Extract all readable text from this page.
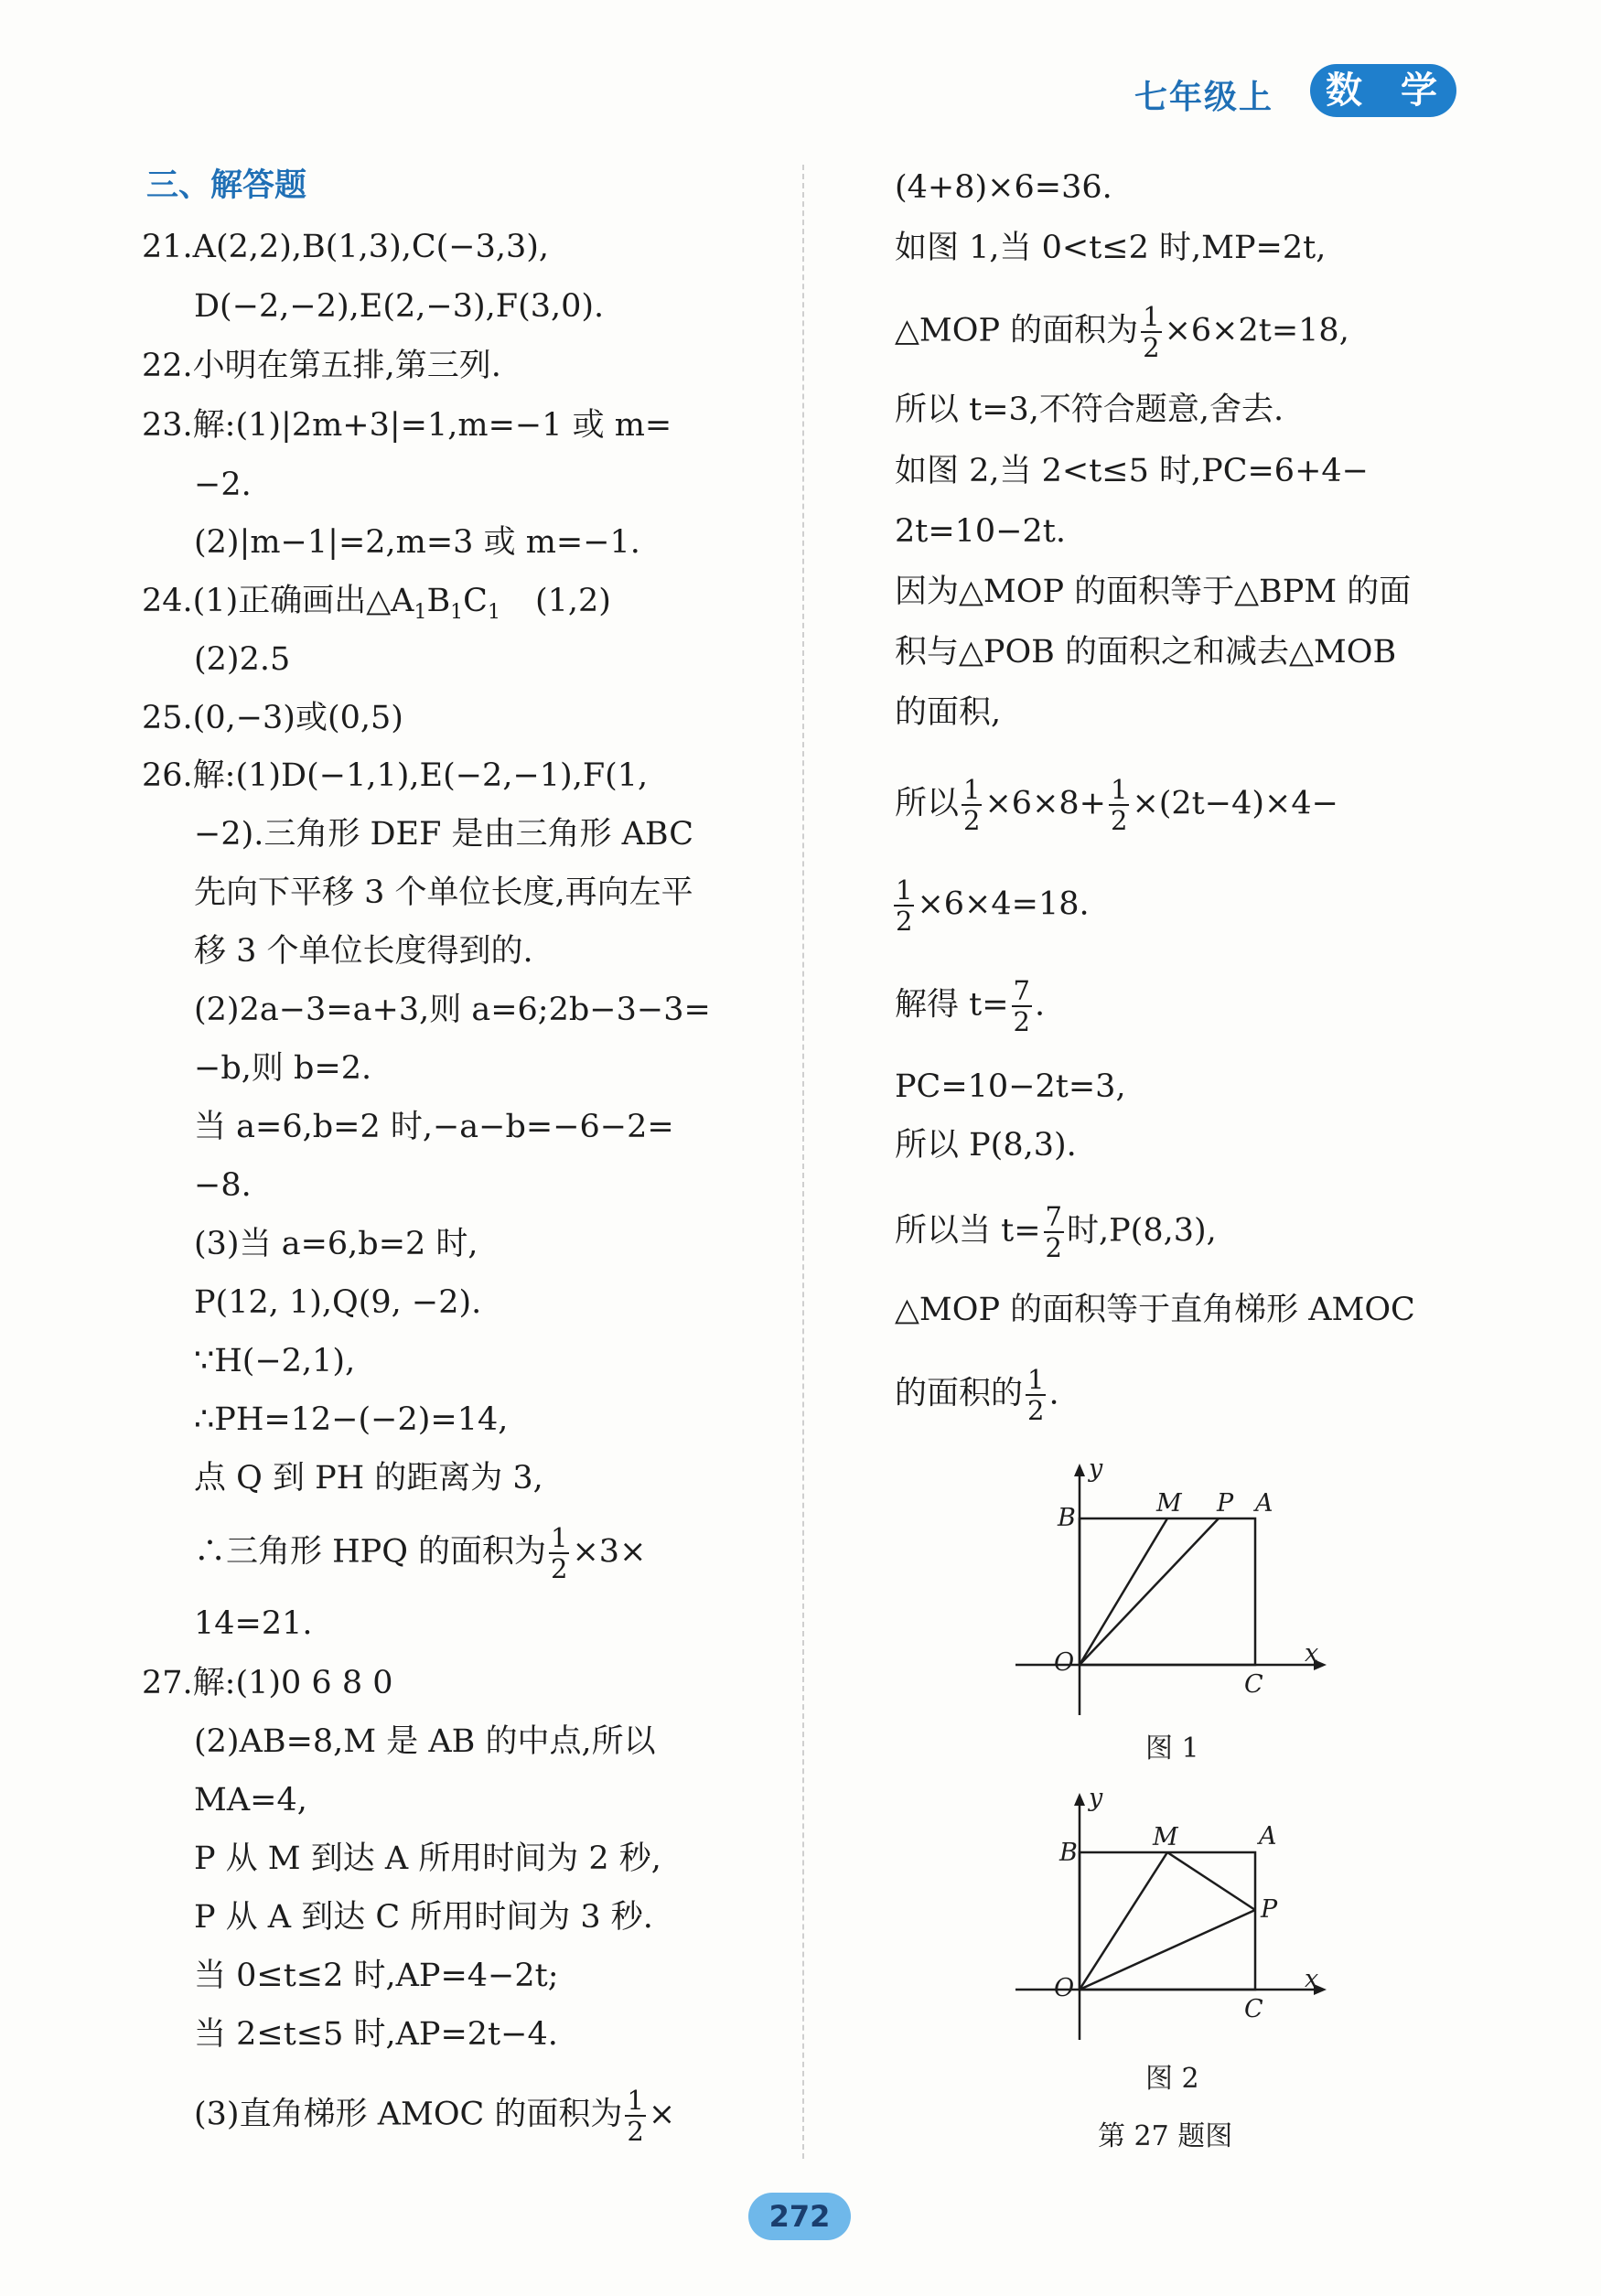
七年级上	数 学
三、解答题
21.A(2,2),B(1,3),C(−3,3),
D(−2,−2),E(2,−3),F(3,0).
22.小明在第五排,第三列.
23.解:(1)|2m+3|=1,m=−1 或 m=
−2.
(2)|m−1|=2,m=3 或 m=−1.
24.(1)正确画出$\triangle A_1B_1C_1$ (1,2)
(2)2.5
25.(0,−3)或(0,5)
26.解:(1)D(−1,1),E(−2,−1),F(1,
−2).三角形 DEF 是由三角形 ABC
先向下平移 3 个单位长度,再向左平
移 3 个单位长度得到的.
(2)2a−3=a+3,则 a=6;2b−3−3=
−b,则 b=2.
当 a=6,b=2 时,−a−b=−6−2=
−8.
(3)当 a=6,b=2 时,
P(12, 1),Q(9, −2).
∵H(−2,1),
∴PH=12−(−2)=14,
点 Q 到 PH 的距离为 3,
∴三角形 HPQ 的面积为 $\frac{1}{2} \times 3\times$
14=21.
27.解:(1)0 6 8 0
(2)AB=8,M 是 AB 的中点,所以
MA=4,
P 从 M 到达 A 所用时间为 2 秒,
P 从 A 到达 C 所用时间为 3 秒.
当 0≤t≤2 时,AP=4−2t;
当 2≤t≤5 时,AP=2t−4.
(3)直角梯形 AMOC 的面积为 $\frac{1}{2}$ ×
(4+8)×6=36.
如图 1,当 0<t≤2 时,MP=2t,
△MOP 的面积为 $\frac{1}{2} \times 6\times 2t=18$,
所以 t=3,不符合题意,舍去.
如图 2,当 2<t≤5 时,PC=6+4−
2t=10−2t.
因为△MOP 的面积等于△BPM 的面
积与△POB 的面积之和减去△MOB
的面积,
所以 $\frac{1}{2} \times 6\times 8+ \frac{1}{2} \times(2t-4)\times 4-$
$\frac{1}{2} \times 6\times 4=18$.
解得 $t= \frac{7}{2}$ .
PC=10−2t=3,
所以 P(8,3).
所以当 $t= \frac{7}{2}$ 时,P(8,3),
△MOP 的面积等于直角梯形 AMOC
的面积的 $\frac{1}{2}$ .
y
B
M P A
O
C
x
图 1
y
B
M	A
P
O
C
x
图 2
第 27 题图
272
